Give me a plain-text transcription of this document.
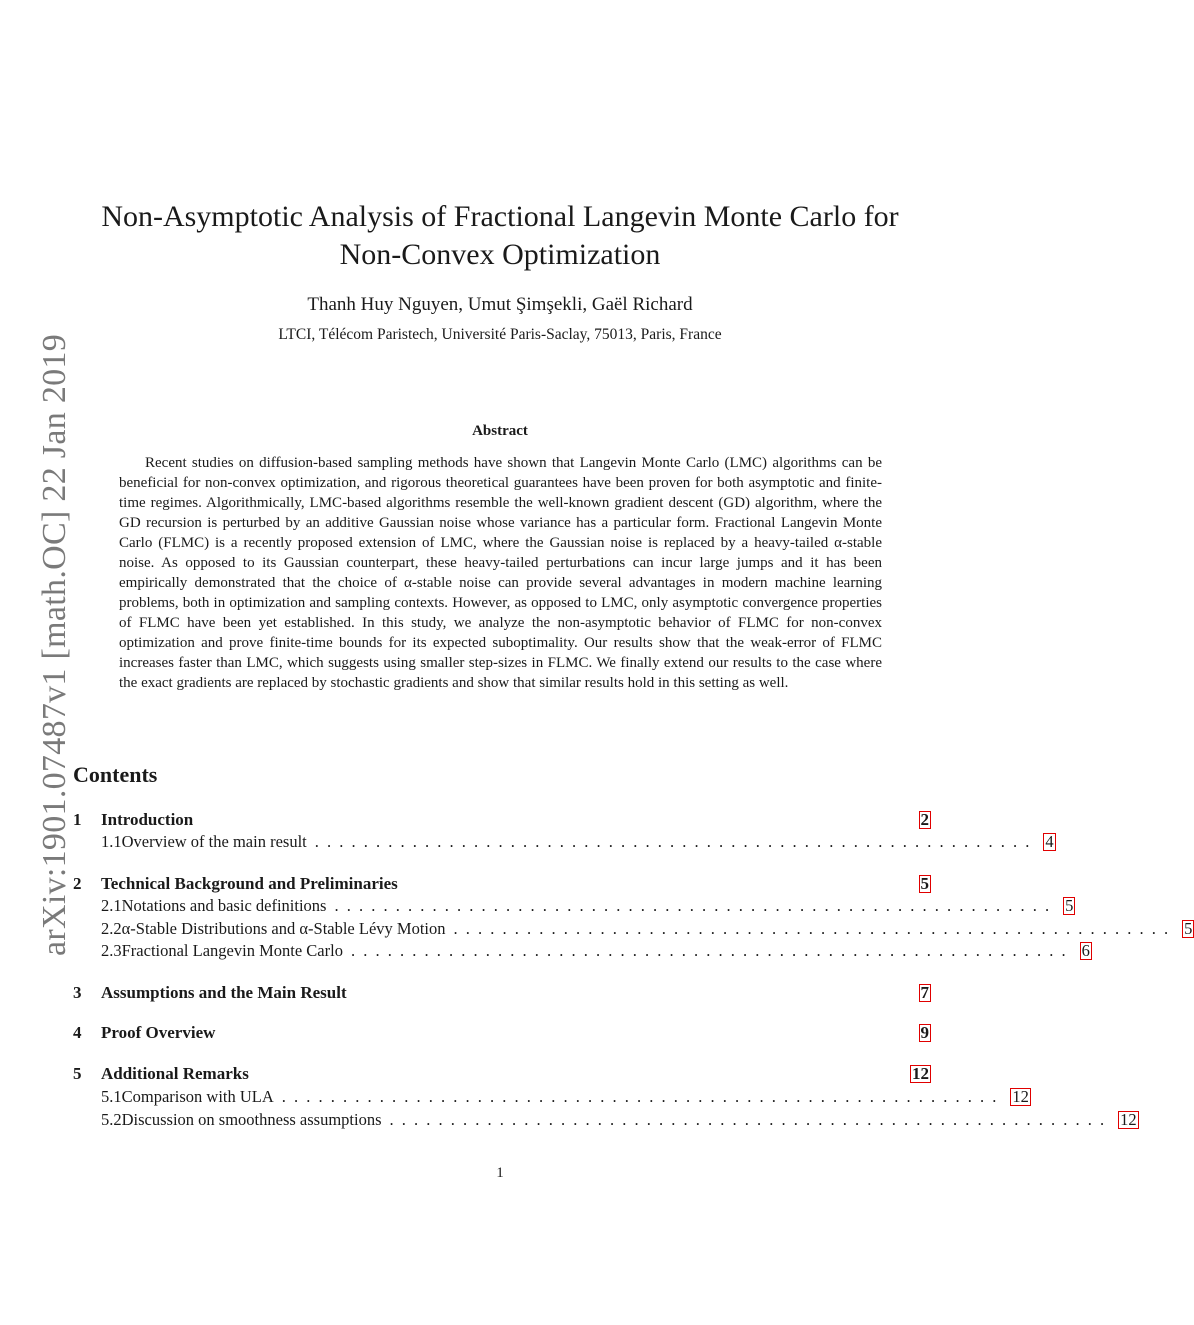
arXiv:1901.07487v1 [math.OC] 22 Jan 2019
Non-Asymptotic Analysis of Fractional Langevin Monte Carlo for
Non-Convex Optimization
Thanh Huy Nguyen, Umut Şimşekli, Gaël Richard
LTCI, Télécom Paristech, Université Paris-Saclay, 75013, Paris, France
Abstract

Recent studies on diffusion-based sampling methods have shown that Langevin Monte Carlo (LMC) algorithms can be beneficial for non-convex optimization, and rigorous theoretical guarantees have been proven for both asymptotic and finite-time regimes. Algorithmically, LMC-based algorithms resemble the well-known gradient descent (GD) algorithm, where the GD recursion is perturbed by an additive Gaussian noise whose variance has a particular form. Fractional Langevin Monte Carlo (FLMC) is a recently proposed extension of LMC, where the Gaussian noise is replaced by a heavy-tailed α-stable noise. As opposed to its Gaussian counterpart, these heavy-tailed perturbations can incur large jumps and it has been empirically demonstrated that the choice of α-stable noise can provide several advantages in modern machine learning problems, both in optimization and sampling contexts. However, as opposed to LMC, only asymptotic convergence properties of FLMC have been yet established. In this study, we analyze the non-asymptotic behavior of FLMC for non-convex optimization and prove finite-time bounds for its expected suboptimality. Our results show that the weak-error of FLMC increases faster than LMC, which suggests using smaller step-sizes in FLMC. We finally extend our results to the case where the exact gradients are replaced by stochastic gradients and show that similar results hold in this setting as well.

Contents
1	Introduction	2
1.1 Overview of the main result . . . . . . . . . . . . . . . . . . . . . . . . . . . . . . . . . . . . . . . . . . . . . . . . . . . . . . . . . . . 4
2	Technical Background and Preliminaries	5
2.1 Notations and basic definitions . . . . . . . . . . . . . . . . . . . . . . . . . . . . . . . . . . . . . . . . . . . . . . . . . . . . . . . . . . . 5
2.2 α-Stable Distributions and α-Stable Lévy Motion . . . . . . . . . . . . . . . . . . . . . . . . . . . . . . . . . . . . . . . . . . . . . . . . . . . . . . . . . . . 5
2.3 Fractional Langevin Monte Carlo . . . . . . . . . . . . . . . . . . . . . . . . . . . . . . . . . . . . . . . . . . . . . . . . . . . . . . . . . . . 6
3	Assumptions and the Main Result	7
4	Proof Overview	9
5	Additional Remarks	12
5.1 Comparison with ULA . . . . . . . . . . . . . . . . . . . . . . . . . . . . . . . . . . . . . . . . . . . . . . . . . . . . . . . . . . . 12
5.2 Discussion on smoothness assumptions . . . . . . . . . . . . . . . . . . . . . . . . . . . . . . . . . . . . . . . . . . . . . . . . . . . . . . . . . . . 12
1
